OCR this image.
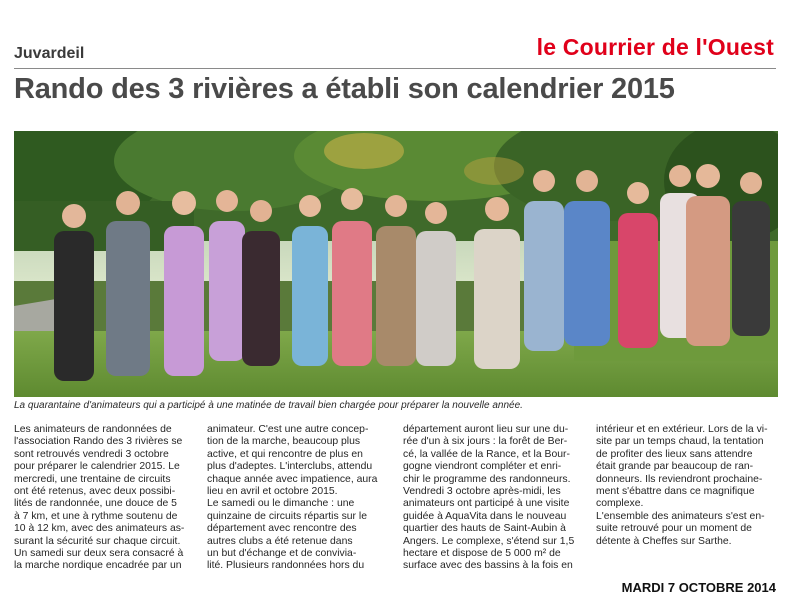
Juvardeil	le Courrier de l'Ouest
Rando des 3 rivières a établi son calendrier 2015
La quarantaine d'animateurs qui a participé à une matinée de travail bien chargée pour préparer la nouvelle année.
Les animateurs de randonnées de
l'association Rando des 3 rivières se
sont retrouvés vendredi 3 octobre
pour préparer le calendrier 2015. Le
mercredi, une trentaine de circuits
ont été retenus, avec deux possibi-
lités de randonnée, une douce de 5
à 7 km, et une à rythme soutenu de
10 à 12 km, avec des animateurs as-
surant la sécurité sur chaque circuit.
Un samedi sur deux sera consacré à
la marche nordique encadrée par un
animateur. C'est une autre concep-
tion de la marche, beaucoup plus
active, et qui rencontre de plus en
plus d'adeptes. L'interclubs, attendu
chaque année avec impatience, aura
lieu en avril et octobre 2015.
Le samedi ou le dimanche : une
quinzaine de circuits répartis sur le
département avec rencontre des
autres clubs a été retenue dans
un but d'échange et de convivia-
lité. Plusieurs randonnées hors du
département auront lieu sur une du-
rée d'un à six jours : la forêt de Ber-
cé, la vallée de la Rance, et la Bour-
gogne viendront compléter et enri-
chir le programme des randonneurs.
Vendredi 3 octobre après-midi, les
animateurs ont participé à une visite
guidée à AquaVita dans le nouveau
quartier des hauts de Saint-Aubin à
Angers. Le complexe, s'étend sur 1,5
hectare et dispose de 5 000 m² de
surface avec des bassins à la fois en
intérieur et en extérieur. Lors de la vi-
site par un temps chaud, la tentation
de profiter des lieux sans attendre
était grande par beaucoup de ran-
donneurs. Ils reviendront prochaine-
ment s'ébattre dans ce magnifique
complexe.
L'ensemble des animateurs s'est en-
suite retrouvé pour un moment de
détente à Cheffes sur Sarthe.
MARDI 7 OCTOBRE 2014
